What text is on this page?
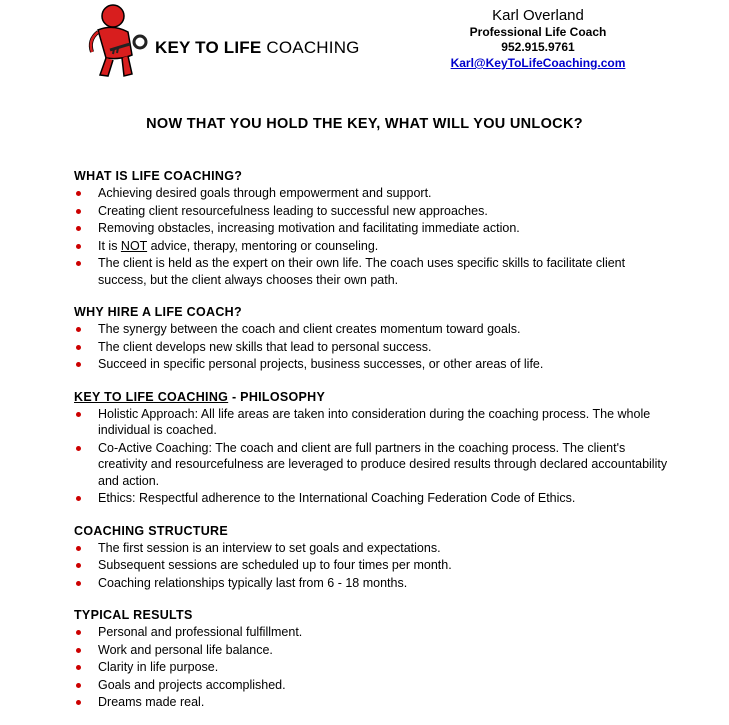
KEY TO LIFE COACHING
Karl Overland
Professional Life Coach
952.915.9761
Karl@KeyToLifeCoaching.com
NOW THAT YOU HOLD THE KEY, WHAT WILL YOU UNLOCK?
WHAT IS LIFE COACHING?
Achieving desired goals through empowerment and support.
Creating client resourcefulness leading to successful new approaches.
Removing obstacles, increasing motivation and facilitating immediate action.
It is NOT advice, therapy, mentoring or counseling.
The client is held as the expert on their own life. The coach uses specific skills to facilitate client success, but the client always chooses their own path.
WHY HIRE A LIFE COACH?
The synergy between the coach and client creates momentum toward goals.
The client develops new skills that lead to personal success.
Succeed in specific personal projects, business successes, or other areas of life.
KEY TO LIFE COACHING - PHILOSOPHY
Holistic Approach: All life areas are taken into consideration during the coaching process. The whole individual is coached.
Co-Active Coaching: The coach and client are full partners in the coaching process. The client's creativity and resourcefulness are leveraged to produce desired results through declared accountability and action.
Ethics: Respectful adherence to the International Coaching Federation Code of Ethics.
COACHING STRUCTURE
The first session is an interview to set goals and expectations.
Subsequent sessions are scheduled up to four times per month.
Coaching relationships typically last from 6 - 18 months.
TYPICAL RESULTS
Personal and professional fulfillment.
Work and personal life balance.
Clarity in life purpose.
Goals and projects accomplished.
Dreams made real.
